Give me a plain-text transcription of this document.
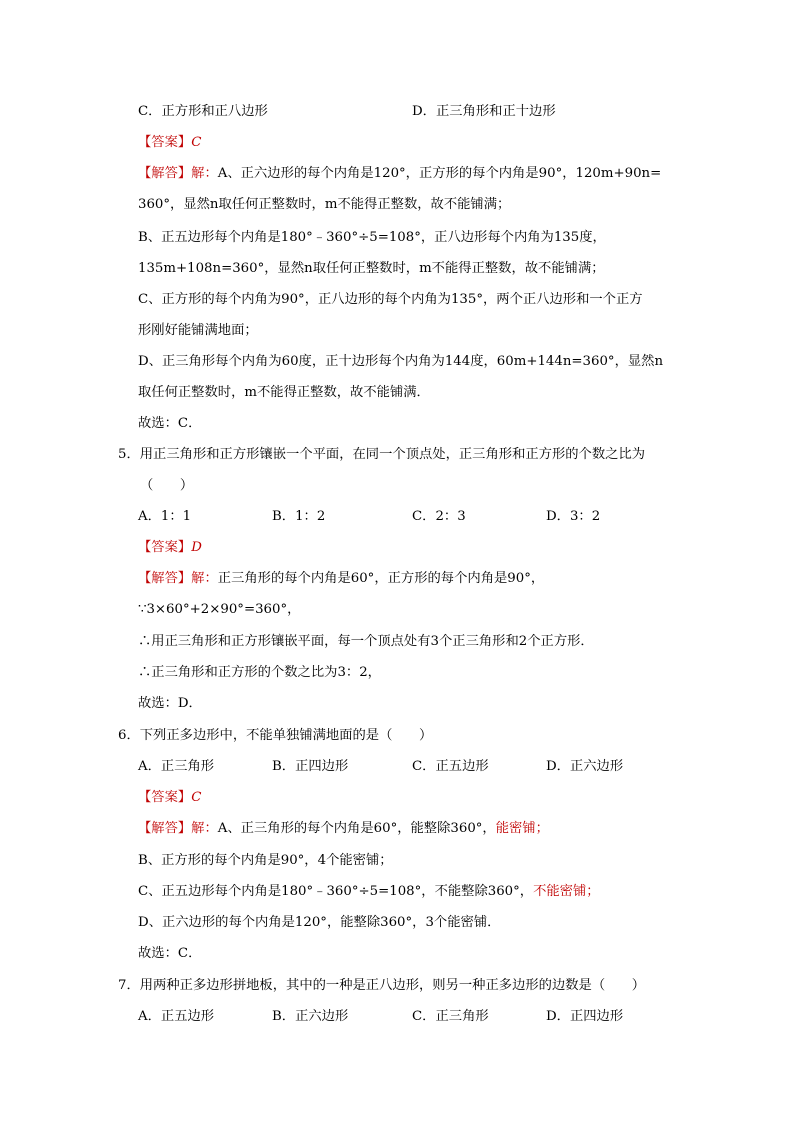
C．正方形和正八边形	D．正三角形和正十边形
【答案】C
【解答】解：A、正六边形的每个内角是120°，正方形的每个内角是90°，120m+90n=
360°，显然n取任何正整数时，m不能得正整数，故不能铺满；
B、正五边形每个内角是180°﹣360°÷5=108°，正八边形每个内角为135度，
135m+108n=360°，显然n取任何正整数时，m不能得正整数，故不能铺满；
C、正方形的每个内角为90°，正八边形的每个内角为135°，两个正八边形和一个正方
形刚好能铺满地面；
D、正三角形每个内角为60度，正十边形每个内角为144度，60m+144n=360°，显然n
取任何正整数时，m不能得正整数，故不能铺满．
故选：C．
5．用正三角形和正方形镶嵌一个平面，在同一个顶点处，正三角形和正方形的个数之比为
（　　）
A．1：1	B．1：2	C．2：3	D．3：2
【答案】D
【解答】解：正三角形的每个内角是60°，正方形的每个内角是90°，
∵3×60°+2×90°=360°，
∴用正三角形和正方形镶嵌平面，每一个顶点处有3个正三角形和2个正方形．
∴正三角形和正方形的个数之比为3：2，
故选：D．
6．下列正多边形中，不能单独铺满地面的是（　　）
A．正三角形	B．正四边形	C．正五边形	D．正六边形
【答案】C
【解答】解：A、正三角形的每个内角是60°，能整除360°，能密铺；
B、正方形的每个内角是90°，4个能密铺；
C、正五边形每个内角是180°﹣360°÷5=108°，不能整除360°，不能密铺；
D、正六边形的每个内角是120°，能整除360°，3个能密铺．
故选：C．
7．用两种正多边形拼地板，其中的一种是正八边形，则另一种正多边形的边数是（　　）
A．正五边形	B．正六边形	C．正三角形	D．正四边形
